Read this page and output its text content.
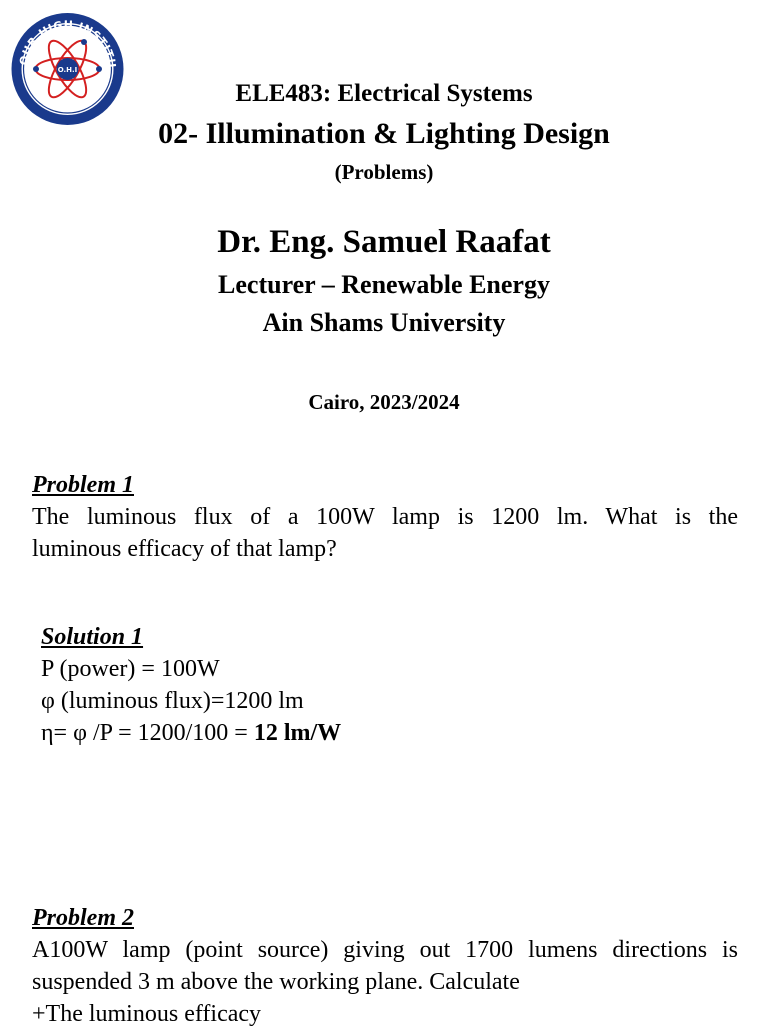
OUR HIGH INSTITU
or Engineering And Technolog
O.H.I
ELE483: Electrical Systems
02- Illumination & Lighting Design
(Problems)
Dr. Eng. Samuel Raafat
Lecturer – Renewable Energy
Ain Shams University
Cairo, 2023/2024
Problem 1
The luminous flux of a 100W lamp is 1200 lm. What is the
luminous efficacy of that lamp?
Solution 1
P (power) = 100W
φ (luminous flux)=1200 lm
η= φ /P = 1200/100 = 12 lm/W
Problem 2
A100W lamp (point source) giving out 1700 lumens directions is
suspended 3 m above the working plane. Calculate
+The luminous efficacy
